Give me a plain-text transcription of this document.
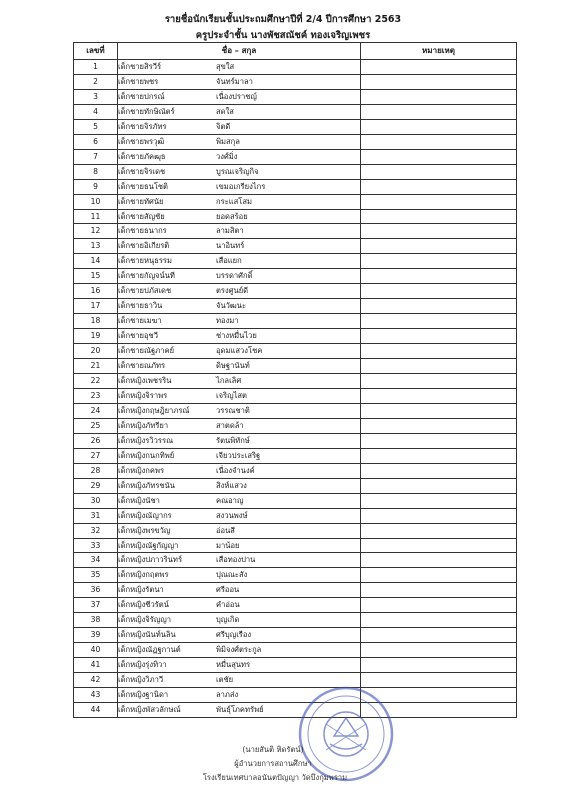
รายชื่อนักเรียนชั้นประถมศึกษาปีที่ 2/4 ปีการศึกษา 2563
ครูประจำชั้น นางพัชสณัชค์ ทองเจริญเพชร
เลขที่	ชื่อ – สกุล	หมายเหตุ
1	เด็กชายสิรวีร์ สุขใส	
2	เด็กชายพชร จันทร์มาลา	
3	เด็กชายปกรณ์ เนื่องปราชญ์	
4	เด็กชายทักษิณัตร์ สดใส	
5	เด็กชายจิรภัทร จิตดี	
6	เด็กชายพรวุฒิ พิมสกุล	
7	เด็กชายภัคฒุธ วงศ์มิ่ง	
8	เด็กชายจิรเดช บูรณเจริญกิจ	
9	เด็กชายธนโชติ เขมอเกรียงไกร	
10	เด็กชายทัศนัย กระแสโสม	
11	เด็กชายสัญชัย ยอดสร้อย	
12	เด็กชายธนากร ลามสิตา	
13	เด็กชายอิเกียรติ นาอินทร์	
14	เด็กชายหนุธรรม เสือแยก	
15	เด็กชายกัญจน์นที บรรดาศักดิ์	
16	เด็กชายปภัสเดช ตรงศูนย์ดี	
17	เด็กชายธาวิน จันวัฒนะ	
18	เด็กชายเมฆา ทองมา	
19	เด็กชายอุชวี ช่างหมื่นไวย	
20	เด็กชายณัฐภาคย์ อุดมแสวงโชค	
21	เด็กชายณภัทร ดิษฐานันท์	
22	เด็กหญิงเพชรริน ไกลเลิศ	
23	เด็กหญิงจิราพร เจริญไสต	
24	เด็กหญิงกฤษฎิยาภรณ์ วรรณชาติ	
25	เด็กหญิงภัทรียา สาตดล้า	
26	เด็กหญิงรวิวรรณ รัตนพิทักษ์	
27	เด็กหญิงกนกทิพย์ เจียวประเสริฐ	
28	เด็กหญิงกคพร เนื่องจำนงค์	
29	เด็กหญิงภัทรชนัน สิงห์แสวง	
30	เด็กหญิงนัชา คณอาญ	
31	เด็กหญิงณัญากร สงวนพงษ์	
32	เด็กหญิงพรขวัญ อ่อนสี	
33	เด็กหญิงณัฐกัญญา มาน้อย	
34	เด็กหญิงปภาวรินทร์ เสือทองปาน	
35	เด็กหญิงกฤตพร ปุณณะสัง	
36	เด็กหญิงรัตนา ศรีออน	
37	เด็กหญิงชีวรัตน์ คำอ่อน	
38	เด็กหญิงจิรัญญา บุญเกิด	
39	เด็กหญิงนันท์นลิน ศรีบุญเรือง	
40	เด็กหญิงณัฏฐกานต์ พิมิจงศ์ตระกูล	
41	เด็กหญิงรุ่งทิวา หมื่นสุนทร	
42	เด็กหญิงวิภาวี เตชัย	
43	เด็กหญิงฐานิดา ลาภส่ง	
44	เด็กหญิงพัสวลักษณ์ พันธุ์โภคทรัพย์	
(นายสันติ หิดรัตน์)
ผู้อำนวยการสถานศึกษา
โรงเรียนเทศบาลอนันตปัญญา วัดบึงกุ่มพราม
